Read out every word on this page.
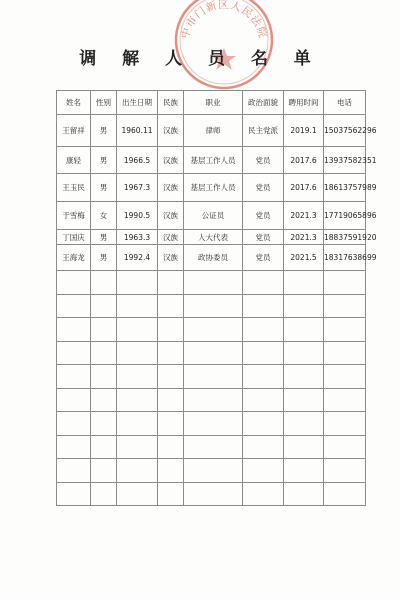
中市门新区人民法院
调 解 人 员 名 单
姓名	性别	出生日期	民族	职业	政治面貌	聘用时间	电话
王留祥	男	1960.11	汉族	律师	民主党派	2019.1	15037562296
康轻	男	1966.5	汉族	基层工作人员	党员	2017.6	13937582351
王玉民	男	1967.3	汉族	基层工作人员	党员	2017.6	18613757989
于雪梅	女	1990.5	汉族	公证员	党员	2021.3	17719065896
丁国庆	男	1963.3	汉族	人大代表	党员	2021.3	18837591920
王海龙	男	1992.4	汉族	政协委员	党员	2021.5	18317638699
